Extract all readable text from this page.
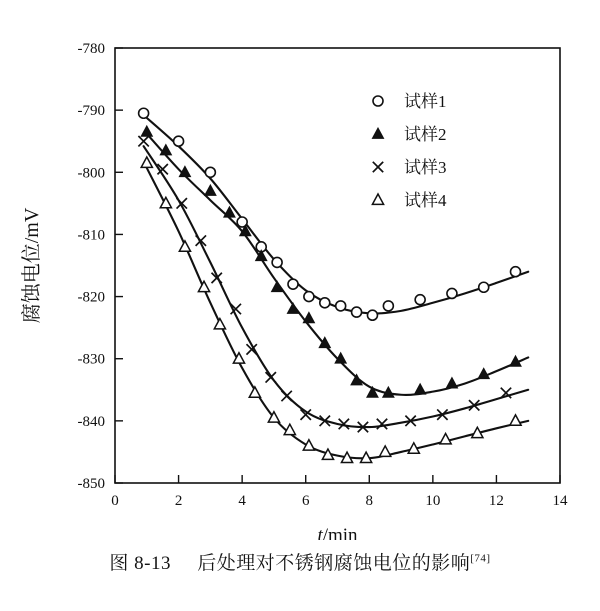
0	2	4	6	8	10	12	14
-850
-840
-830
-820
-810
-800
-790
-780
t/min
腐蚀电位/mV
试样1
试样2
试样3
试样4
图 8-13 后处理对不锈钢腐蚀电位的影响[74]
